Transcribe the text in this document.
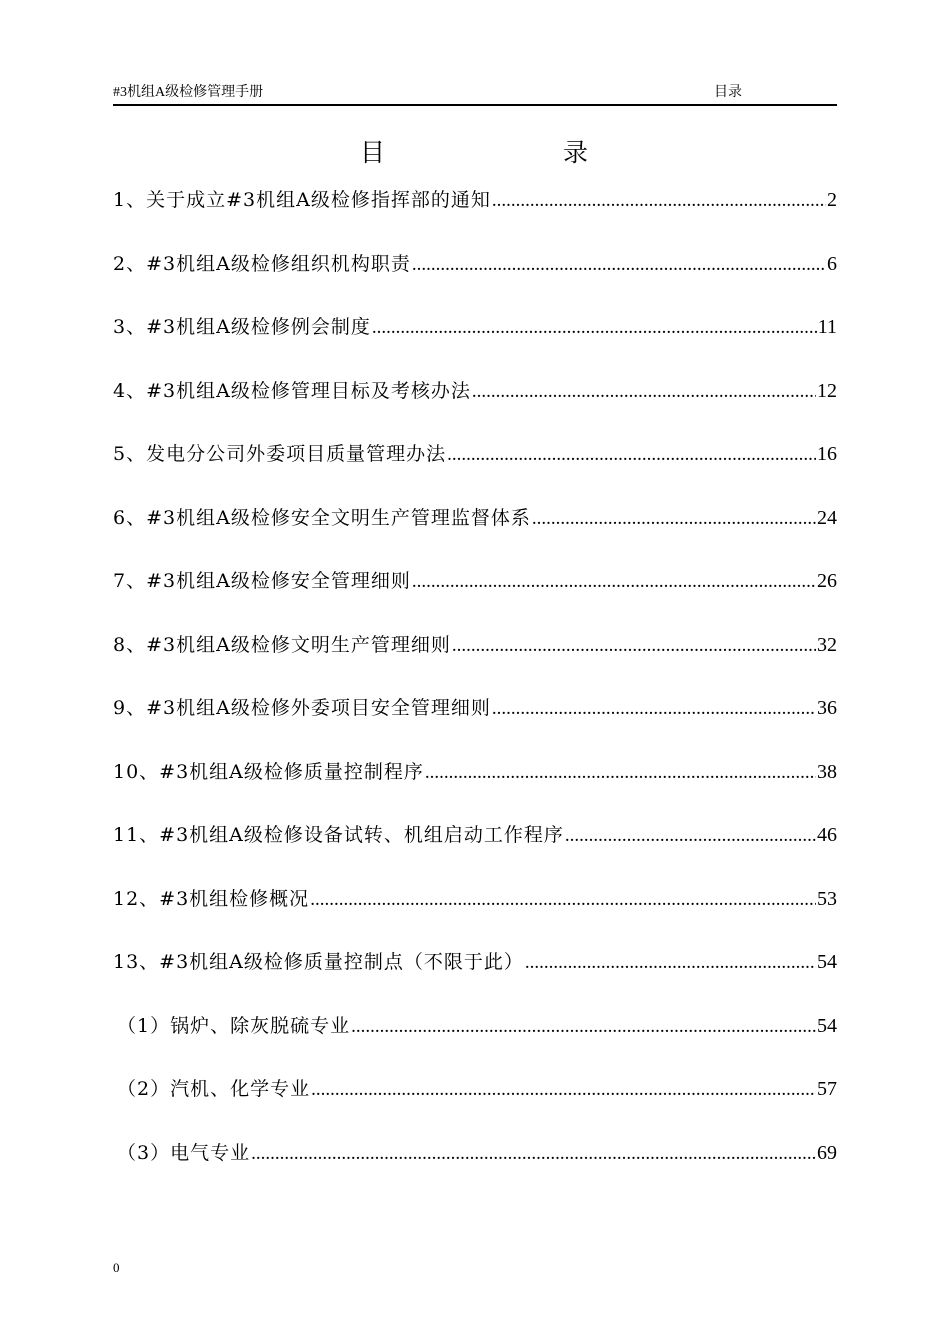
#3机组A级检修管理手册	目录
目	录
1、关于成立#3机组A级检修指挥部的通知 .....	2
2、#3机组A级检修组织机构职责 .....	6
3、#3机组A级检修例会制度 .....	11
4、#3机组A级检修管理目标及考核办法 .....	12
5、发电分公司外委项目质量管理办法 .....	16
6、#3机组A级检修安全文明生产管理监督体系 .....	24
7、#3机组A级检修安全管理细则 .....	26
8、#3机组A级检修文明生产管理细则 .....	32
9、#3机组A级检修外委项目安全管理细则 .....	36
10、#3机组A级检修质量控制程序 .....	38
11、#3机组A级检修设备试转、机组启动工作程序 .....	46
12、#3机组检修概况 .....	53
13、#3机组A级检修质量控制点（不限于此） .....	54
（1）锅炉、除灰脱硫专业 .....	54
（2）汽机、化学专业 .....	57
（3）电气专业 .....	69
0
